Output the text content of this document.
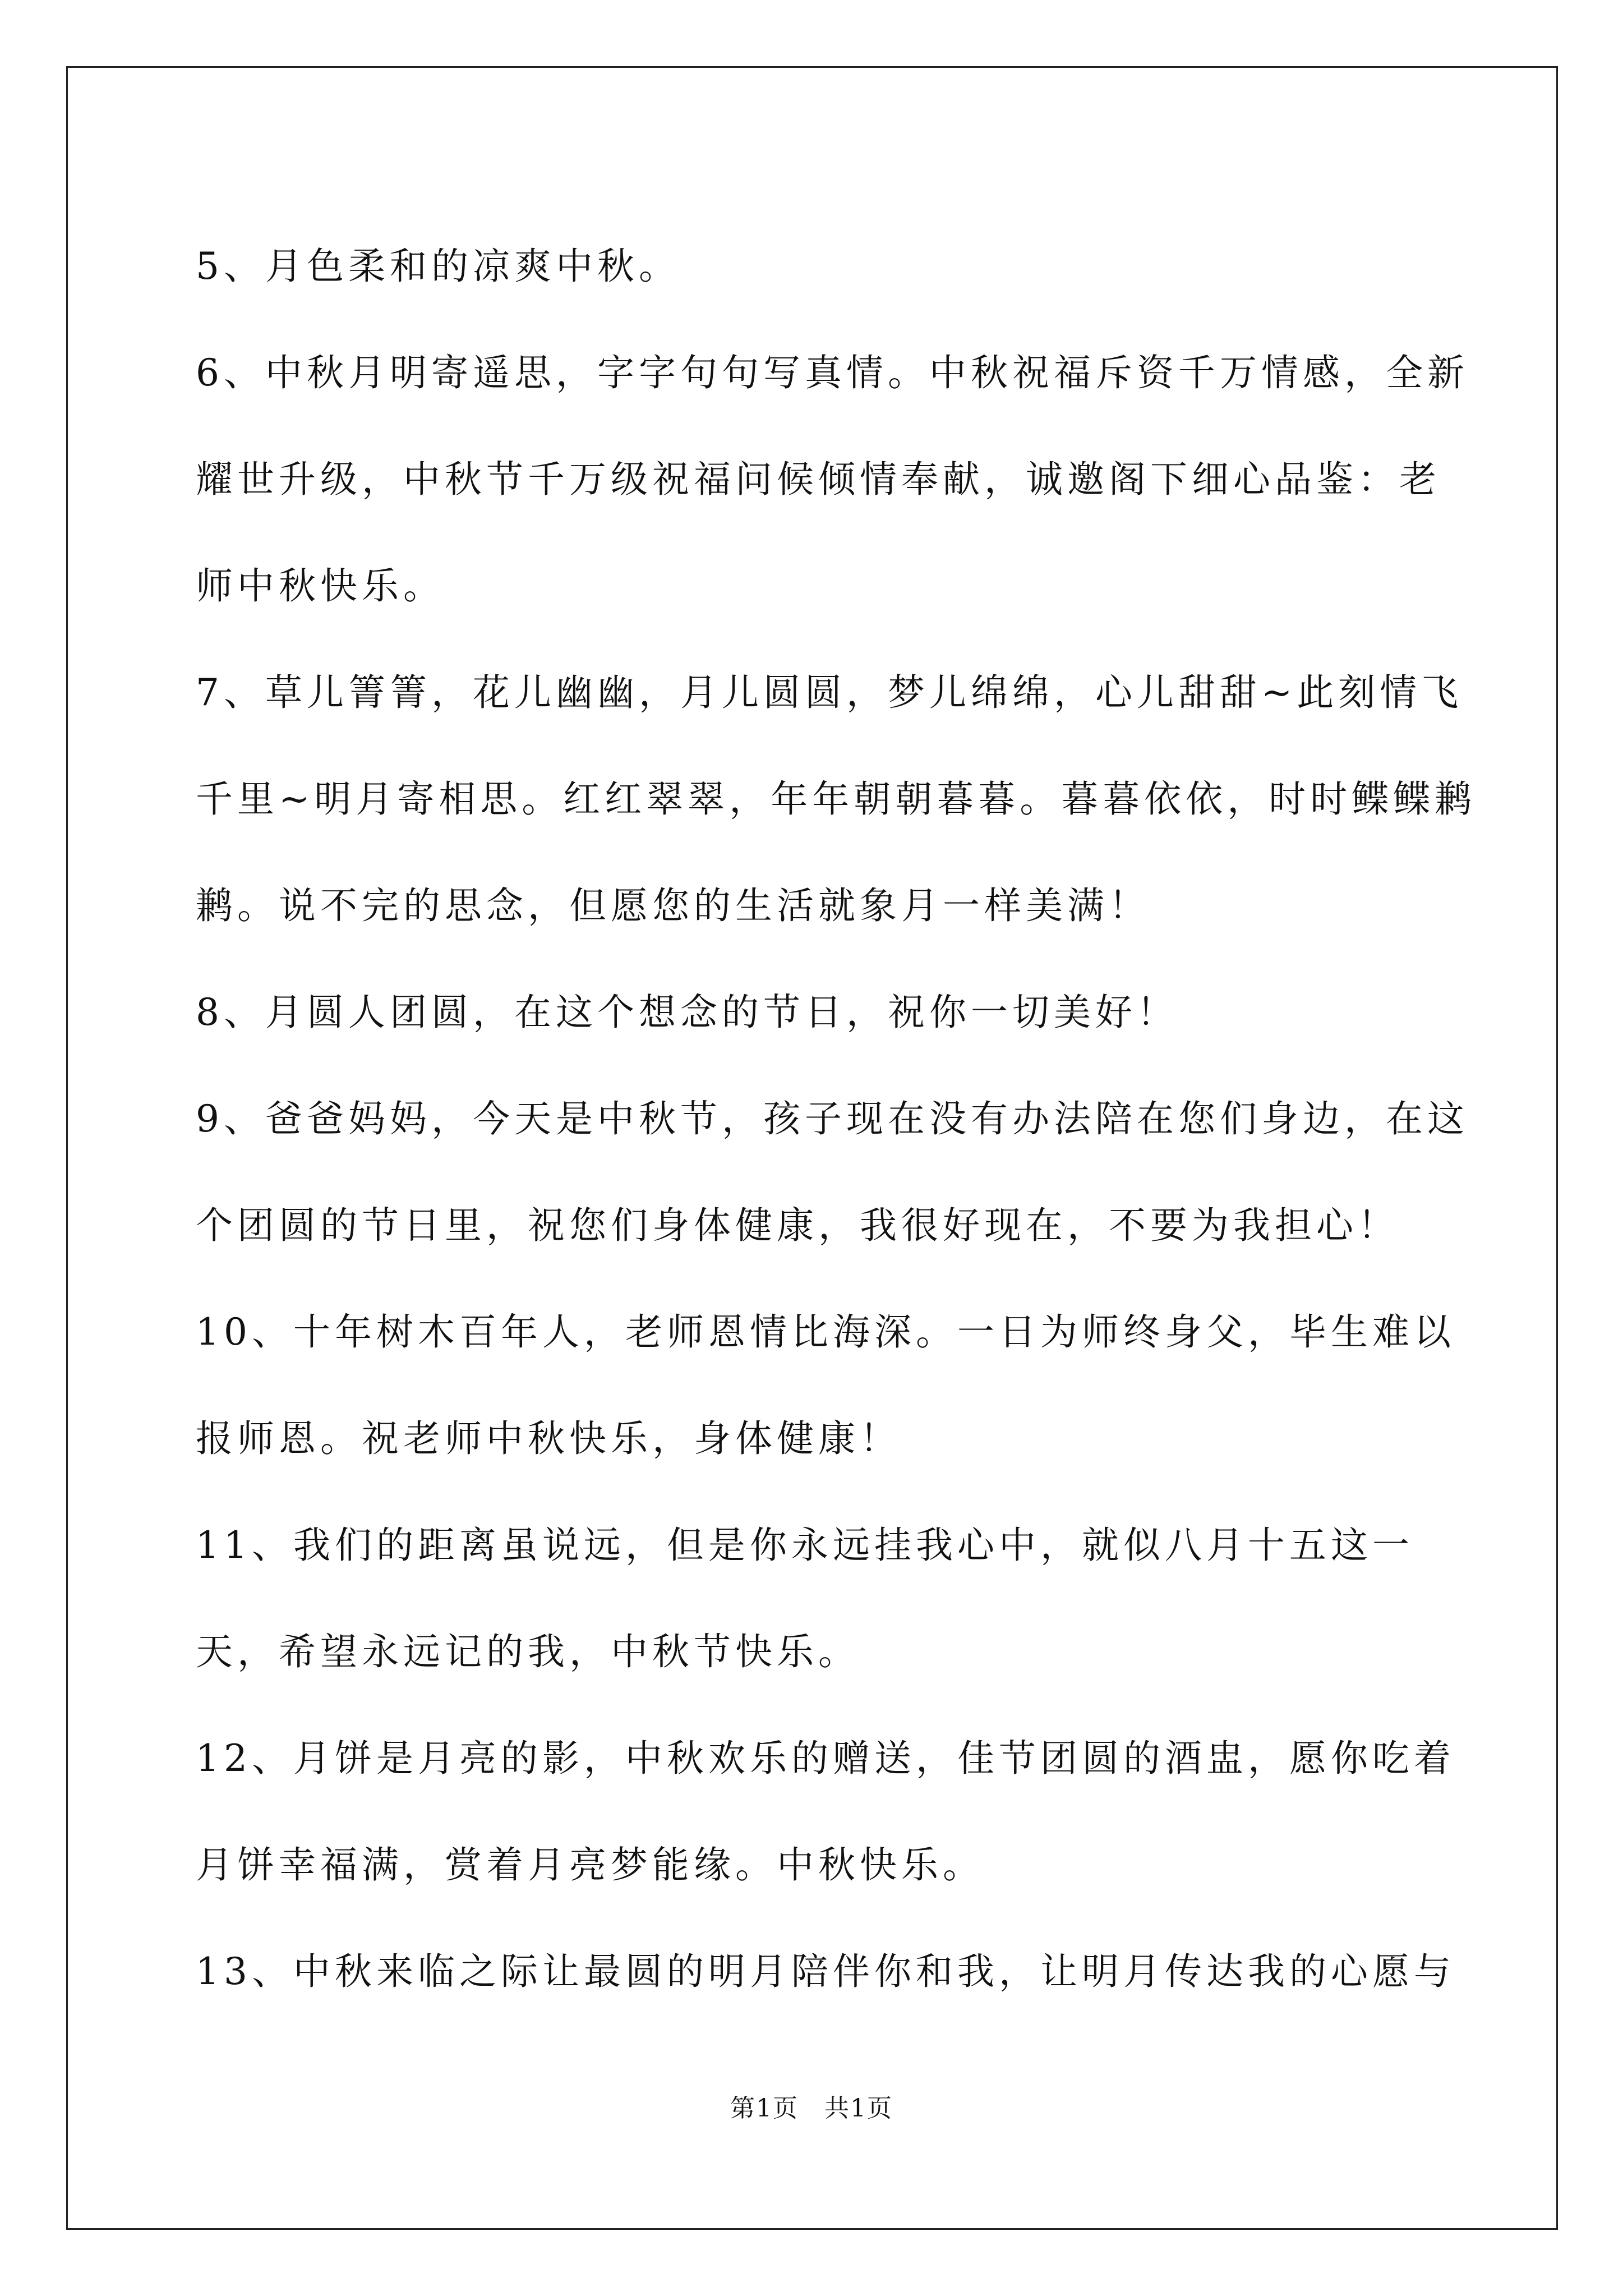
5、月色柔和的凉爽中秋。

6、中秋月明寄遥思，字字句句写真情。中秋祝福斥资千万情感，全新耀世升级，中秋节千万级祝福问候倾情奉献，诚邀阁下细心品鉴：老师中秋快乐。

7、草儿箐箐，花儿幽幽，月儿圆圆，梦儿绵绵，心儿甜甜~此刻情飞千里~明月寄相思。红红翠翠，年年朝朝暮暮。暮暮依依，时时鲽鲽鹣鹣。说不完的思念，但愿您的生活就象月一样美满！

8、月圆人团圆，在这个想念的节日，祝你一切美好！

9、爸爸妈妈，今天是中秋节，孩子现在没有办法陪在您们身边，在这个团圆的节日里，祝您们身体健康，我很好现在，不要为我担心！

10、十年树木百年人，老师恩情比海深。一日为师终身父，毕生难以报师恩。祝老师中秋快乐，身体健康！

11、我们的距离虽说远，但是你永远挂我心中，就似八月十五这一天，希望永远记的我，中秋节快乐。

12、月饼是月亮的影，中秋欢乐的赠送，佳节团圆的酒盅，愿你吃着月饼幸福满，赏着月亮梦能缘。中秋快乐。

13、中秋来临之际让最圆的明月陪伴你和我，让明月传达我的心愿与

第1页　共1页
